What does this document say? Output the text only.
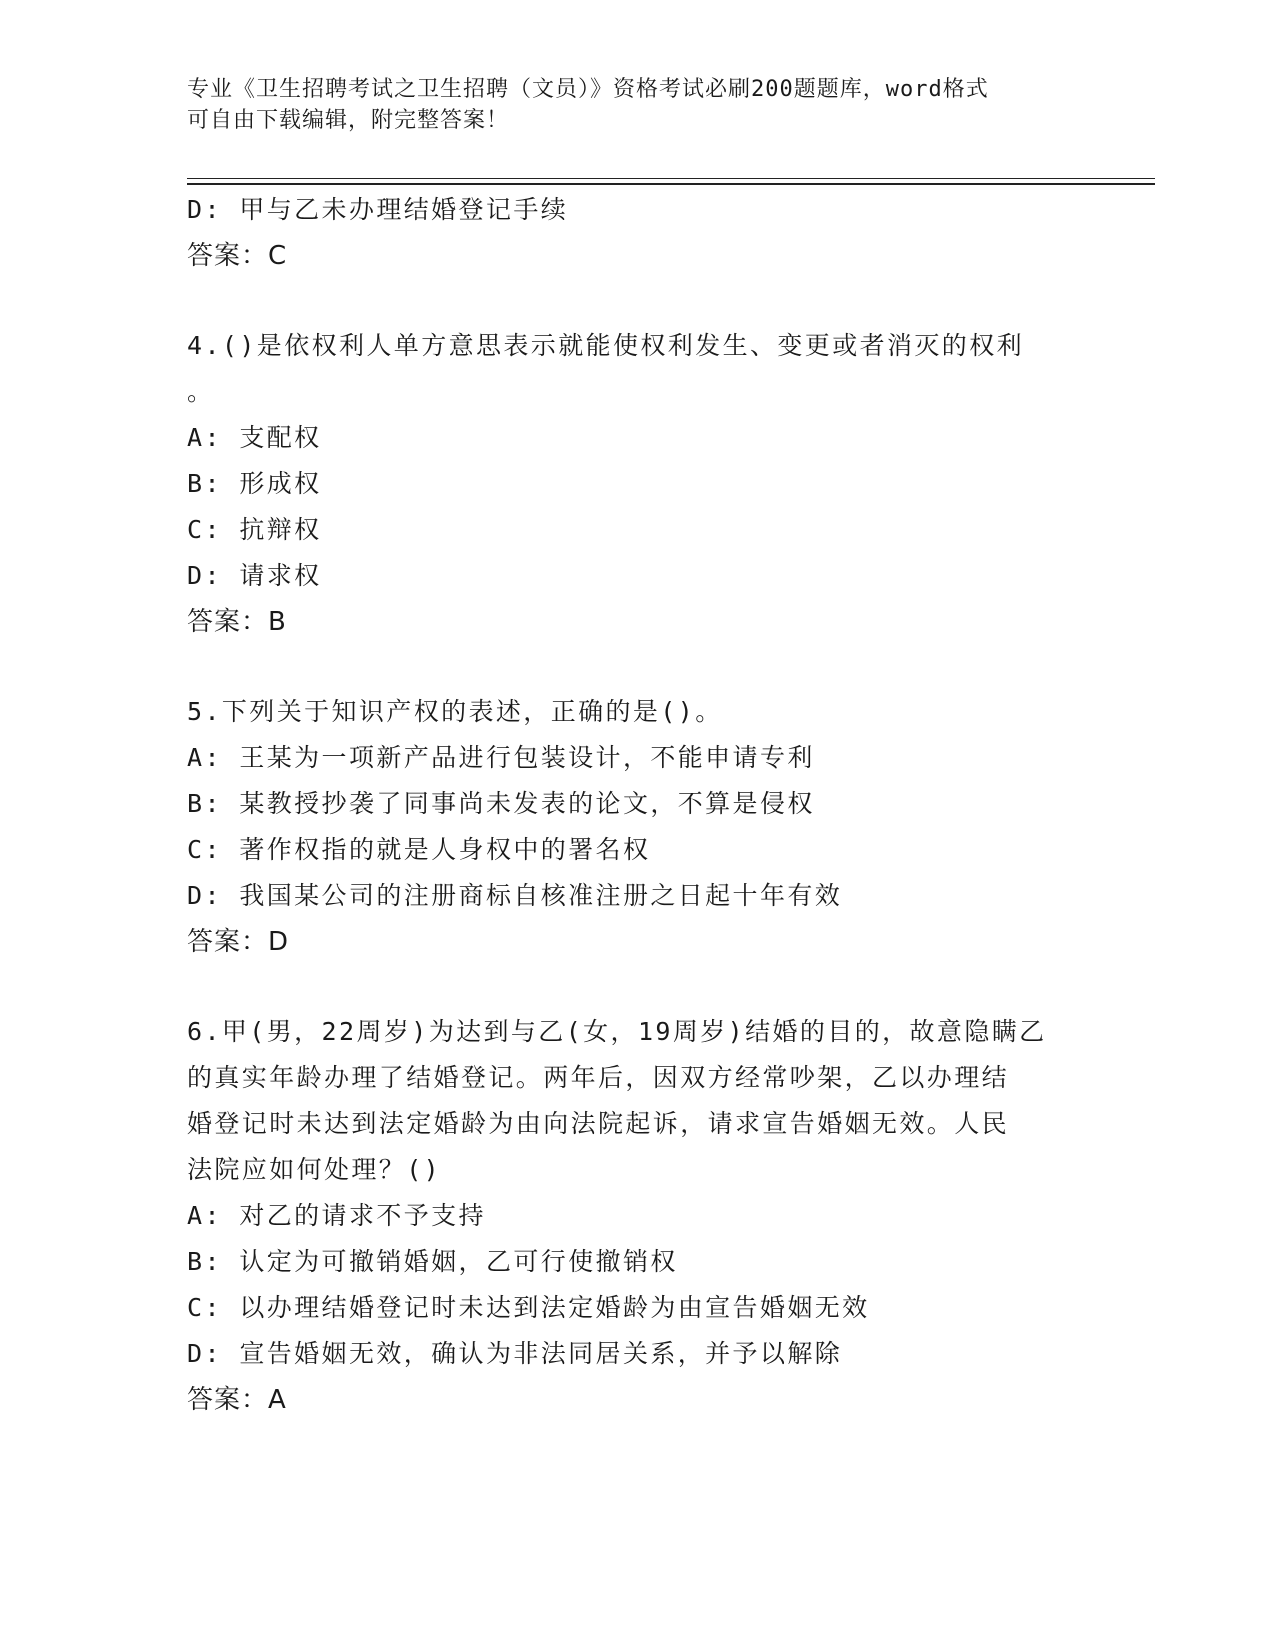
专业《卫生招聘考试之卫生招聘（文员）》资格考试必刷200题题库，word格式
可自由下载编辑，附完整答案！
D: 甲与乙未办理结婚登记手续
答案：C
4.()是依权利人单方意思表示就能使权利发生、变更或者消灭的权利
。
A: 支配权
B: 形成权
C: 抗辩权
D: 请求权
答案：B
5.下列关于知识产权的表述，正确的是()。
A: 王某为一项新产品进行包装设计，不能申请专利
B: 某教授抄袭了同事尚未发表的论文，不算是侵权
C: 著作权指的就是人身权中的署名权
D: 我国某公司的注册商标自核准注册之日起十年有效
答案：D
6.甲(男，22周岁)为达到与乙(女，19周岁)结婚的目的，故意隐瞒乙
的真实年龄办理了结婚登记。两年后，因双方经常吵架，乙以办理结
婚登记时未达到法定婚龄为由向法院起诉，请求宣告婚姻无效。人民
法院应如何处理？()
A: 对乙的请求不予支持
B: 认定为可撤销婚姻，乙可行使撤销权
C: 以办理结婚登记时未达到法定婚龄为由宣告婚姻无效
D: 宣告婚姻无效，确认为非法同居关系，并予以解除
答案：A
